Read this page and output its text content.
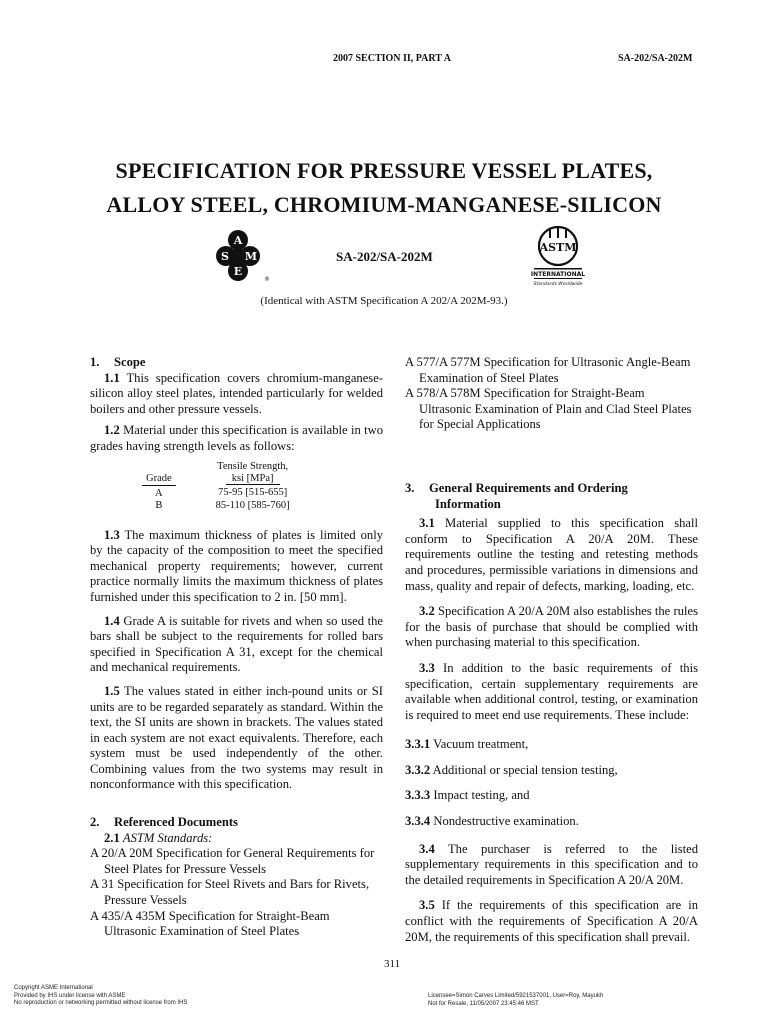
2007 SECTION II, PART A	SA-202/SA-202M
SPECIFICATION FOR PRESSURE VESSEL PLATES,
ALLOY STEEL, CHROMIUM-MANGANESE-SILICON
A
S M
E
®
SA-202/SA-202M
ASTM
INTERNATIONAL
Standards Worldwide
(Identical with ASTM Specification A 202/A 202M-93.)
1. Scope

1.1 This specification covers chromium-manganese-silicon alloy steel plates, intended particularly for welded boilers and other pressure vessels.

1.2 Material under this specification is available in two grades having strength levels as follows:

	Tensile Strength,
Grade	ksi [MPa]
A	75-95 [515-655]
B	85-110 [585-760]

1.3 The maximum thickness of plates is limited only by the capacity of the composition to meet the specified mechanical property requirements; however, current practice normally limits the maximum thickness of plates furnished under this specification to 2 in. [50 mm].

1.4 Grade A is suitable for rivets and when so used the bars shall be subject to the requirements for rolled bars specified in Specification A 31, except for the chemical and mechanical requirements.

1.5 The values stated in either inch-pound units or SI units are to be regarded separately as standard. Within the text, the SI units are shown in brackets. The values stated in each system are not exact equivalents. Therefore, each system must be used independently of the other. Combining values from the two systems may result in nonconformance with this specification.

2. Referenced Documents

2.1 ASTM Standards:

A 20/A 20M Specification for General Requirements for Steel Plates for Pressure Vessels

A 31 Specification for Steel Rivets and Bars for Rivets, Pressure Vessels

A 435/A 435M Specification for Straight-Beam Ultrasonic Examination of Steel Plates

A 577/A 577M Specification for Ultrasonic Angle-Beam Examination of Steel Plates

A 578/A 578M Specification for Straight-Beam Ultrasonic Examination of Plain and Clad Steel Plates for Special Applications

3. General Requirements and Ordering
Information

3.1 Material supplied to this specification shall conform to Specification A 20/A 20M. These requirements outline the testing and retesting methods and procedures, permissible variations in dimensions and mass, quality and repair of defects, marking, loading, etc.

3.2 Specification A 20/A 20M also establishes the rules for the basis of purchase that should be complied with when purchasing material to this specification.

3.3 In addition to the basic requirements of this specification, certain supplementary requirements are available when additional control, testing, or examination is required to meet end use requirements. These include:

3.3.1 Vacuum treatment,

3.3.2 Additional or special tension testing,

3.3.3 Impact testing, and

3.3.4 Nondestructive examination.

3.4 The purchaser is referred to the listed supplementary requirements in this specification and to the detailed requirements in Specification A 20/A 20M.

3.5 If the requirements of this specification are in conflict with the requirements of Specification A 20/A 20M, the requirements of this specification shall prevail.

311
Copyright ASME International
Provided by IHS under license with ASME
No reproduction or networking permitted without license from IHS
Licensee=Simon Carves Limited/5921537001, User=Roy, Mayukh
Not for Resale, 11/05/2007 23:45:46 MST
